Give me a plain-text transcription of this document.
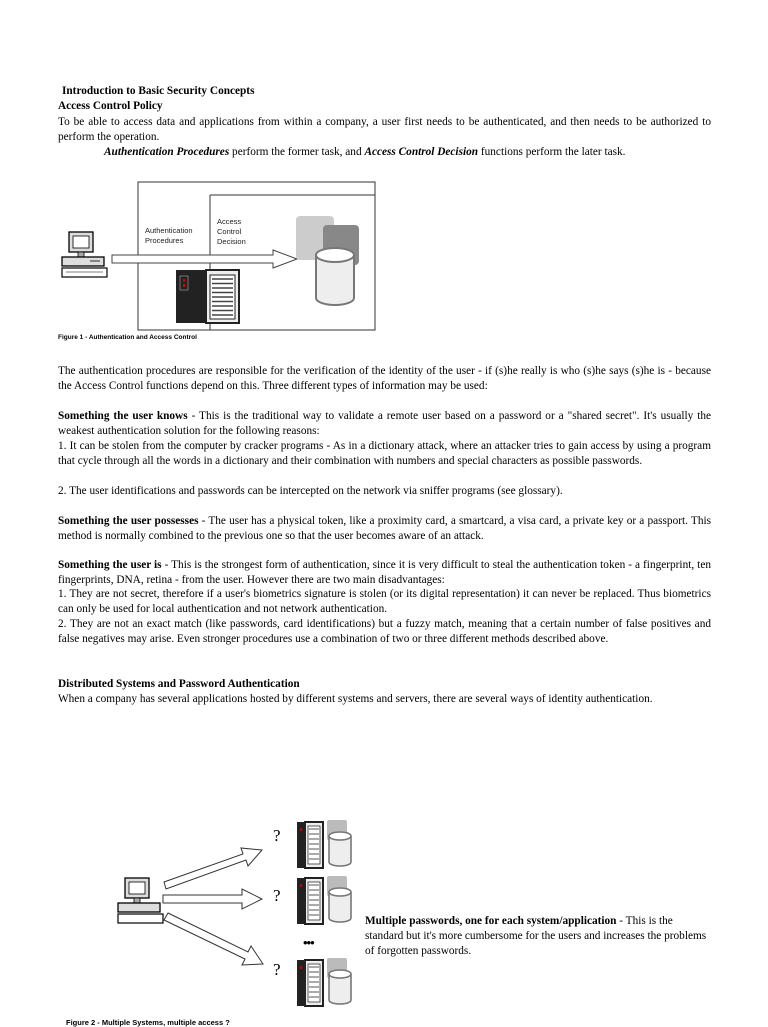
Introduction to Basic Security Concepts
Access Control Policy
To be able to access data and applications from within a company, a user first needs to be authenticated, and then needs to be authorized to perform the operation.
Authentication Procedures perform the former task, and Access Control Decision functions perform the later task.
Authentication Procedures
Access Control Decision
Figure 1 - Authentication and Access Control
The authentication procedures are responsible for the verification of the identity of the user - if (s)he really is who (s)he says (s)he is - because the Access Control functions depend on this. Three different types of information may be used:
Something the user knows - This is the traditional way to validate a remote user based on a password or a "shared secret". It's usually the weakest authentication solution for the following reasons:
1. It can be stolen from the computer by cracker programs - As in a dictionary attack, where an attacker tries to gain access by using a program that cycle through all the words in a dictionary and their combination with numbers and special characters as possible passwords.
2. The user identifications and passwords can be intercepted on the network via sniffer programs (see glossary).
Something the user possesses - The user has a physical token, like a proximity card, a smartcard, a visa card, a private key or a passport. This method is normally combined to the previous one so that the user becomes aware of an attack.
Something the user is - This is the strongest form of authentication, since it is very difficult to steal the authentication token - a fingerprint, ten fingerprints, DNA, retina - from the user. However there are two main disadvantages:
1. They are not secret, therefore if a user's biometrics signature is stolen (or its digital representation) it can never be replaced. Thus biometrics can only be used for local authentication and not network authentication.
2. They are not an exact match (like passwords, card identifications) but a fuzzy match, meaning that a certain number of false positives and false negatives may arise. Even stronger procedures use a combination of two or three different methods described above.
Distributed Systems and Password Authentication
When a company has several applications hosted by different systems and servers, there are several ways of identity authentication.
?
?
?
•••
Multiple passwords, one for each system/application - This is the standard but it's more cumbersome for the users and increases the problems of forgotten passwords.
Figure 2 - Multiple Systems, multiple access ?
